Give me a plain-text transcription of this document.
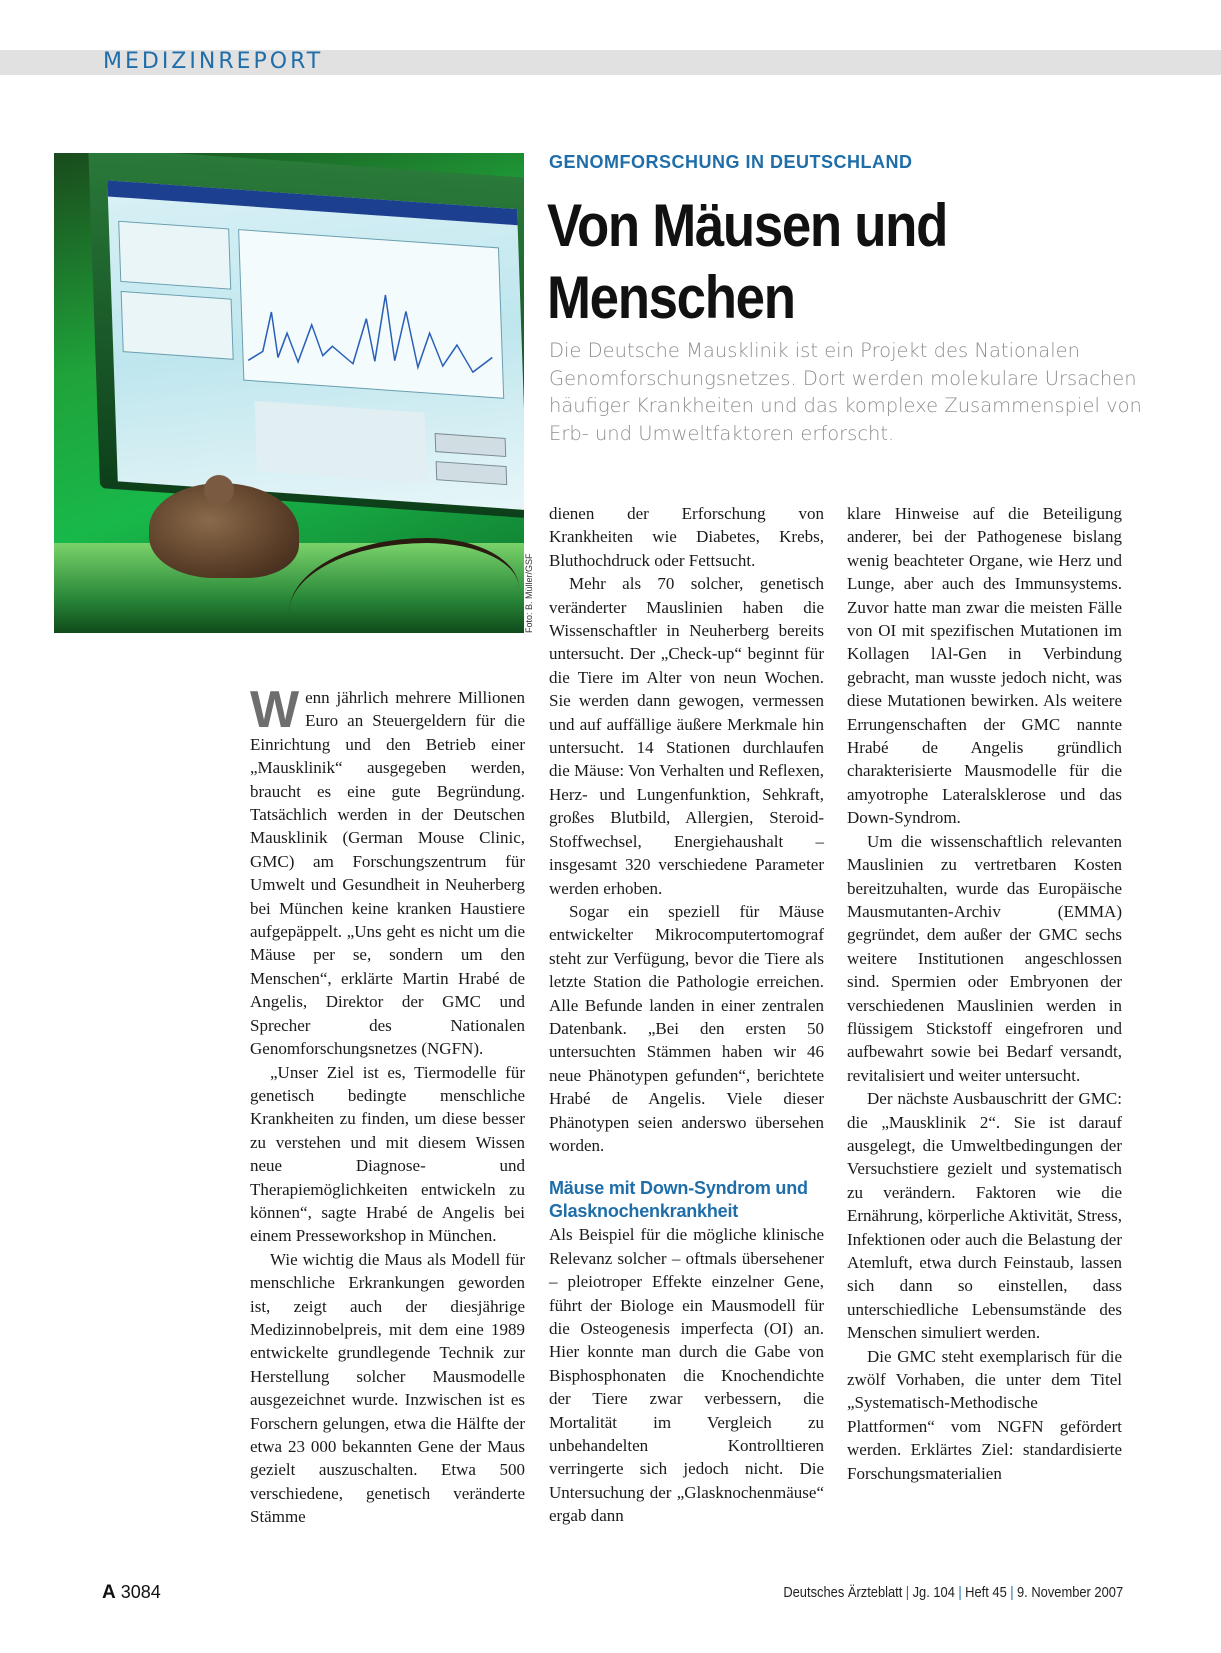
MEDIZINREPORT
Foto: B. Müller/GSF
GENOMFORSCHUNG IN DEUTSCHLAND
Von Mäusen und
Menschen
Die Deutsche Mausklinik ist ein Projekt des Nationalen Genomforschungsnetzes. Dort werden molekulare Ursachen häufiger Krankheiten und das komplexe Zusammenspiel von Erb- und Umweltfaktoren erforscht.

Wenn jährlich mehrere Millionen Euro an Steuergeldern für die Einrichtung und den Betrieb einer „Mausklinik“ ausgegeben werden, braucht es eine gute Begründung. Tatsächlich werden in der Deutschen Mausklinik (German Mouse Clinic, GMC) am Forschungszentrum für Umwelt und Gesundheit in Neuherberg bei München keine kranken Haustiere aufgepäppelt. „Uns geht es nicht um die Mäuse per se, sondern um den Menschen“, erklärte Martin Hrabé de Angelis, Direktor der GMC und Sprecher des Nationalen Genomforschungsnetzes (NGFN).

„Unser Ziel ist es, Tiermodelle für genetisch bedingte menschliche Krankheiten zu finden, um diese besser zu verstehen und mit diesem Wissen neue Diagnose- und Therapiemöglichkeiten entwickeln zu können“, sagte Hrabé de Angelis bei einem Presseworkshop in München.

Wie wichtig die Maus als Modell für menschliche Erkrankungen geworden ist, zeigt auch der diesjährige Medizinnobelpreis, mit dem eine 1989 entwickelte grundlegende Technik zur Herstellung solcher Mausmodelle ausgezeichnet wurde. Inzwischen ist es Forschern gelungen, etwa die Hälfte der etwa 23 000 bekannten Gene der Maus gezielt auszuschalten. Etwa 500 verschiedene, genetisch veränderte Stämme

dienen der Erforschung von Krankheiten wie Diabetes, Krebs, Bluthochdruck oder Fettsucht.

Mehr als 70 solcher, genetisch veränderter Mauslinien haben die Wissenschaftler in Neuherberg bereits untersucht. Der „Check-up“ beginnt für die Tiere im Alter von neun Wochen. Sie werden dann gewogen, vermessen und auf auffällige äußere Merkmale hin untersucht. 14 Stationen durchlaufen die Mäuse: Von Verhalten und Reflexen, Herz- und Lungenfunktion, Sehkraft, großes Blutbild, Allergien, Steroid-Stoffwechsel, Energiehaushalt – insgesamt 320 verschiedene Parameter werden erhoben.

Sogar ein speziell für Mäuse entwickelter Mikrocomputertomograf steht zur Verfügung, bevor die Tiere als letzte Station die Pathologie erreichen. Alle Befunde landen in einer zentralen Datenbank. „Bei den ersten 50 untersuchten Stämmen haben wir 46 neue Phänotypen gefunden“, berichtete Hrabé de Angelis. Viele dieser Phänotypen seien anderswo übersehen worden.

Mäuse mit Down-Syndrom und Glasknochenkrankheit

Als Beispiel für die mögliche klinische Relevanz solcher – oftmals übersehener – pleiotroper Effekte einzelner Gene, führt der Biologe ein Mausmodell für die Osteogenesis imperfecta (OI) an. Hier konnte man durch die Gabe von Bisphosphonaten die Knochendichte der Tiere zwar verbessern, die Mortalität im Vergleich zu unbehandelten Kontrolltieren verringerte sich jedoch nicht. Die Untersuchung der „Glasknochenmäuse“ ergab dann

klare Hinweise auf die Beteiligung anderer, bei der Pathogenese bislang wenig beachteter Organe, wie Herz und Lunge, aber auch des Immunsystems. Zuvor hatte man zwar die meisten Fälle von OI mit spezifischen Mutationen im Kollagen lAl-Gen in Verbindung gebracht, man wusste jedoch nicht, was diese Mutationen bewirken. Als weitere Errungenschaften der GMC nannte Hrabé de Angelis gründlich charakterisierte Mausmodelle für die amyotrophe Lateralsklerose und das Down-Syndrom.

Um die wissenschaftlich relevanten Mauslinien zu vertretbaren Kosten bereitzuhalten, wurde das Europäische Mausmutanten-Archiv (EMMA) gegründet, dem außer der GMC sechs weitere Institutionen angeschlossen sind. Spermien oder Embryonen der verschiedenen Mauslinien werden in flüssigem Stickstoff eingefroren und aufbewahrt sowie bei Bedarf versandt, revitalisiert und weiter untersucht.

Der nächste Ausbauschritt der GMC: die „Mausklinik 2“. Sie ist darauf ausgelegt, die Umweltbedingungen der Versuchstiere gezielt und systematisch zu verändern. Faktoren wie die Ernährung, körperliche Aktivität, Stress, Infektionen oder auch die Belastung der Atemluft, etwa durch Feinstaub, lassen sich dann so einstellen, dass unterschiedliche Lebensumstände des Menschen simuliert werden.

Die GMC steht exemplarisch für die zwölf Vorhaben, die unter dem Titel „Systematisch-Methodische Plattformen“ vom NGFN gefördert werden. Erklärtes Ziel: standardisierte Forschungsmaterialien

A 3084	Deutsches Ärzteblatt | Jg. 104 | Heft 45 | 9. November 2007
